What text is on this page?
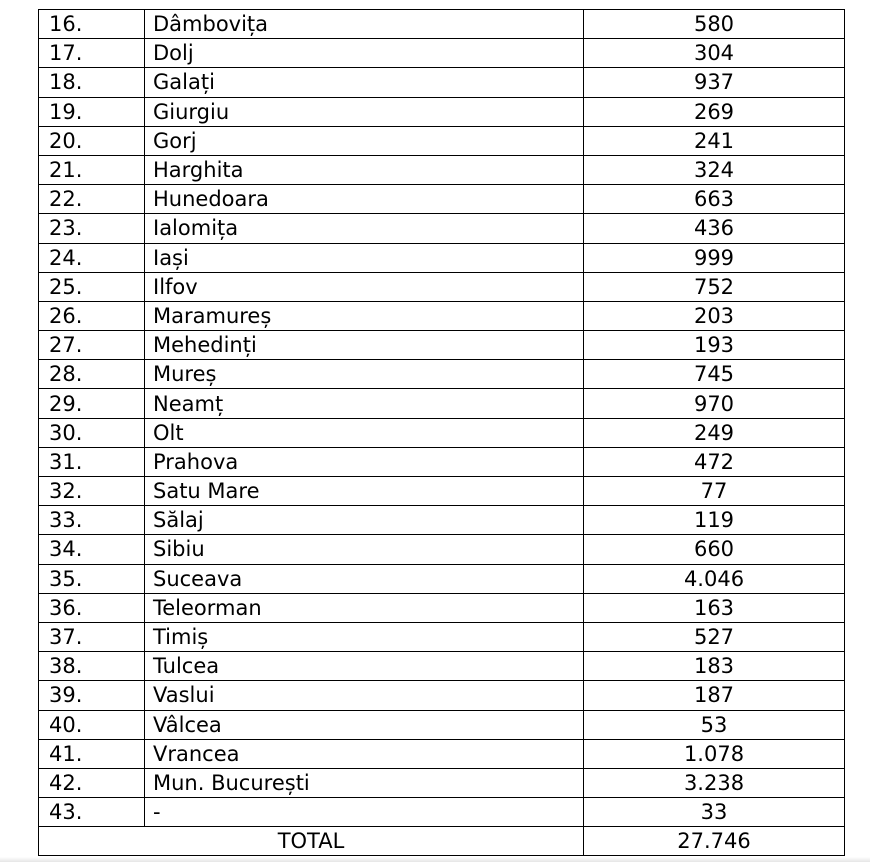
16.	Dâmbovița	580
17.	Dolj	304
18.	Galați	937
19.	Giurgiu	269
20.	Gorj	241
21.	Harghita	324
22.	Hunedoara	663
23.	Ialomița	436
24.	Iași	999
25.	Ilfov	752
26.	Maramureș	203
27.	Mehedinți	193
28.	Mureș	745
29.	Neamț	970
30.	Olt	249
31.	Prahova	472
32.	Satu Mare	77
33.	Sălaj	119
34.	Sibiu	660
35.	Suceava	4.046
36.	Teleorman	163
37.	Timiș	527
38.	Tulcea	183
39.	Vaslui	187
40.	Vâlcea	53
41.	Vrancea	1.078
42.	Mun. București	3.238
43.	-	33
TOTAL		27.746
